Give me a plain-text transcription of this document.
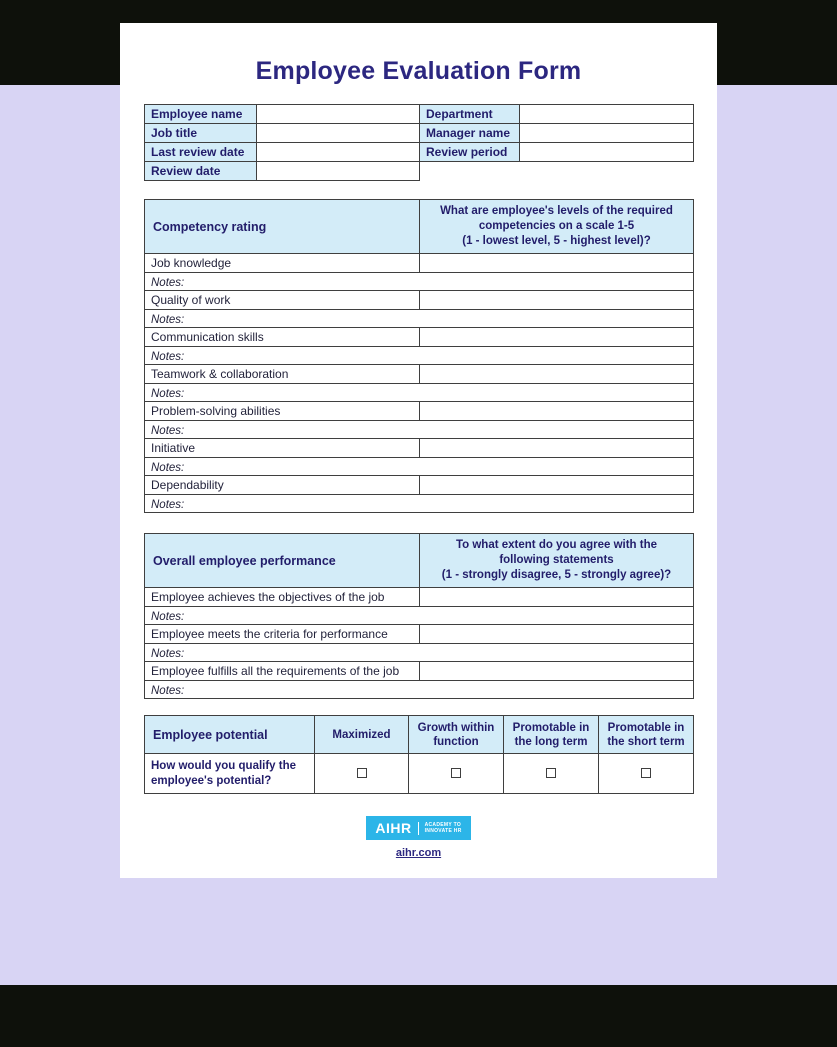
Employee Evaluation Form
Employee name		Department	
Job title		Manager name	
Last review date		Review period	
Review date			
Competency rating	What are employee's levels of the required competencies on a scale 1-5
(1 - lowest level, 5 - highest level)?

Job knowledge	
Notes:	
Quality of work	
Notes:	
Communication skills	
Notes:	
Teamwork & collaboration	
Notes:	
Problem-solving abilities	
Notes:	
Initiative	
Notes:	
Dependability	
Notes:	
Overall employee performance	To what extent do you agree with the following statements
(1 - strongly disagree, 5 - strongly agree)?

Employee achieves the objectives of the job	
Notes:	
Employee meets the criteria for performance	
Notes:	
Employee fulfills all the requirements of the job	
Notes:	
Employee potential	Maximized	Growth within function	Promotable in the long term	Promotable in the short term
How would you qualify the employee's potential?				
AIHR	ACADEMY TO
INNOVATE HR

aihr.com
